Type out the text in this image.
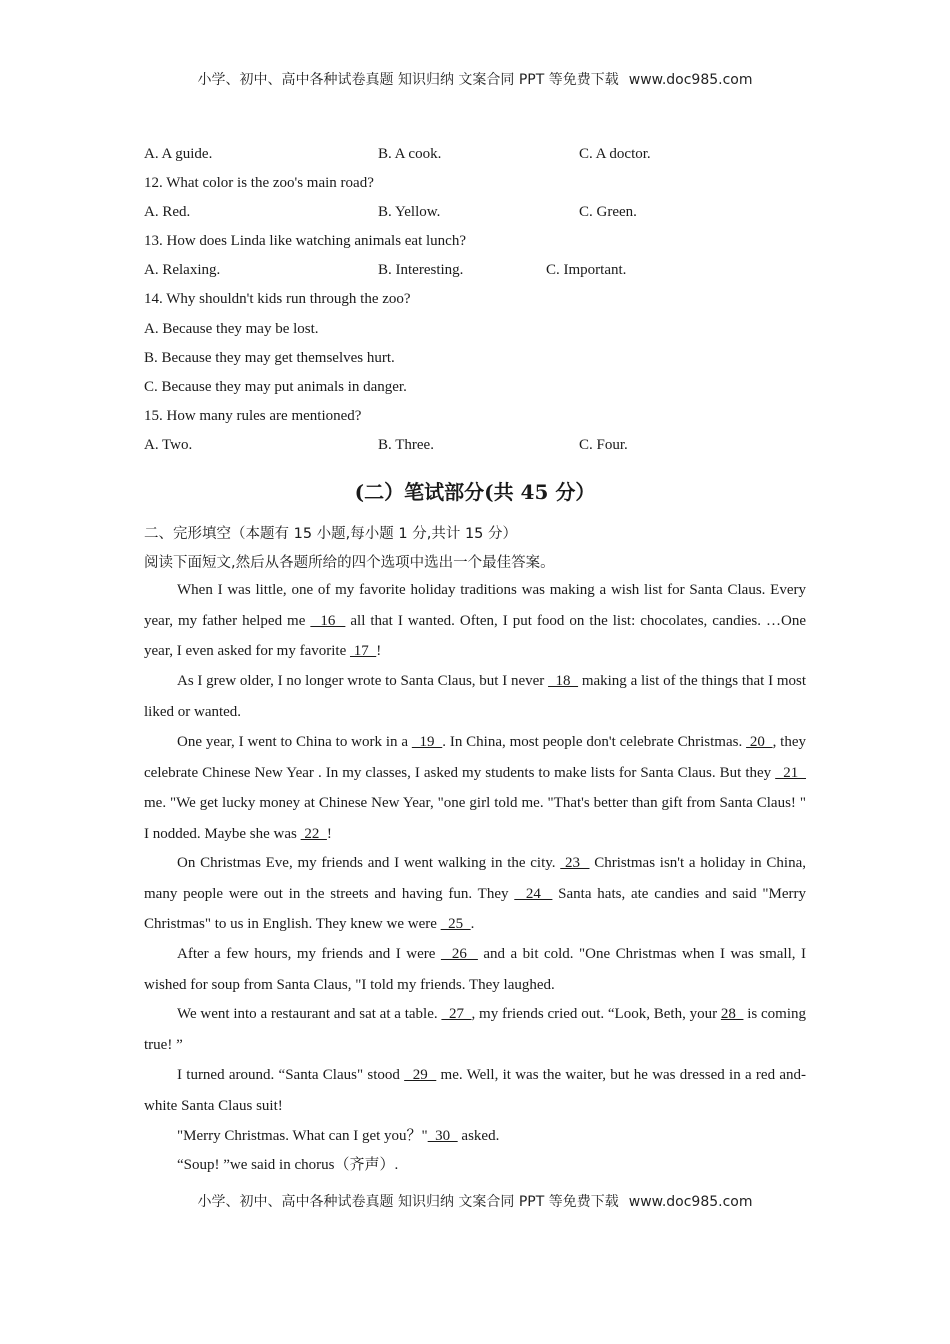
小学、初中、高中各种试卷真题 知识归纳 文案合同 PPT 等免费下载 www.doc985.com
A. A guide.	B. A cook.	C. A doctor.
12. What color is the zoo's main road?
A. Red.	B. Yellow.	C. Green.
13. How does Linda like watching animals eat lunch?
A. Relaxing.	B. Interesting.	C. Important.
14. Why shouldn't kids run through the zoo?
A. Because they may be lost.
B. Because they may get themselves hurt.
C. Because they may put animals in danger.
15. How many rules are mentioned?
A. Two.	B. Three.	C. Four.
(二）笔试部分(共 45 分）
二、完形填空（本题有 15 小题,每小题 1 分,共计 15 分）
阅读下面短文,然后从各题所给的四个选项中选出一个最佳答案。

When I was little, one of my favorite holiday traditions was making a wish list for Santa Claus. Every year, my father helped me   16   all that I wanted. Often, I put food on the list: chocolates, candies. …One year, I even asked for my favorite  17  !

As I grew older, I no longer wrote to Santa Claus, but I never   18   making a list of the things that I most liked or wanted.

One year, I went to China to work in a   19  . In China, most people don't celebrate Christmas.  20  , they celebrate Chinese New Year . In my classes, I asked my students to make lists for Santa Claus. But they   21   me. "We get lucky money at Chinese New Year, "one girl told me. "That's better than gift from Santa Claus! " I nodded. Maybe she was  22  !

On Christmas Eve, my friends and I went walking in the city.  23   Christmas isn't a holiday in China, many people were out in the streets and having fun. They   24   Santa hats, ate candies and said "Merry Christmas" to us in English. They knew we were   25  .

After a few hours, my friends and I were   26   and a bit cold. "One Christmas when I was small, I wished for soup from Santa Claus, "I told my friends. They laughed.

We went into a restaurant and sat at a table.   27  , my friends cried out. “Look, Beth, your 28   is coming true! ”

I turned around. “Santa Claus" stood   29   me. Well, it was the waiter, but he was dressed in a red and-white Santa Claus suit!

"Merry Christmas. What can I get you？"  30   asked.

“Soup! ”we said in chorus（齐声）.

小学、初中、高中各种试卷真题 知识归纳 文案合同 PPT 等免费下载 www.doc985.com
